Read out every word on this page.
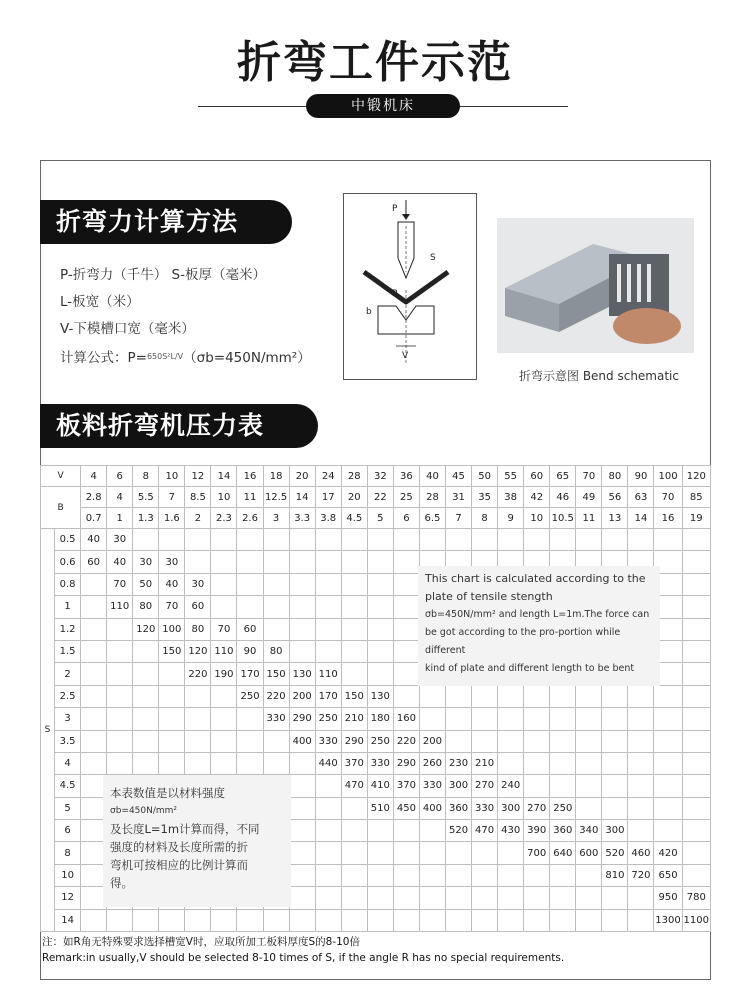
折弯工件示范
中锻机床
折弯力计算方法
P-折弯力（千牛） S-板厚（毫米）
L-板宽（米）
V-下模槽口宽（毫米）
计算公式：P=$^{650S^2L/V}$（σb=450N/mm²）
P
R
S
b
V
折弯示意图 Bend schematic
板料折弯机压力表
V		4	6	8	10	12	14	16	18	20	24	28	32	36	40	45	50	55	60	65	70	80	90	100	120
B		2.8	4	5.5	7	8.5	10	11	12.5	14	17	20	22	25	28	31	35	38	42	46	49	56	63	70	85
		0.7	1	1.3	1.6	2	2.3	2.6	3	3.3	3.8	4.5	5	6	6.5	7	8	9	10	10.5	11	13	14	16	19
S	0.5	40	30																						
	0.6	60	40	30	30																				
	0.8		70	50	40	30																			
	1		110	80	70	60																			
	1.2			120	100	80	70	60																	
	1.5				150	120	110	90	80																
	2					220	190	170	150	130	110														
	2.5							250	220	200	170	150	130												
	3								330	290	250	210	180	160											
	3.5									400	330	290	250	220	200										
	4										440	370	330	290	260	230	210								
	4.5											470	410	370	330	300	270	240							
	5												510	450	400	360	330	300	270	250					
	6															520	470	430	390	360	340	300			
	8																		700	640	600	520	460	420	
	10																					810	720	650	
	12																							950	780
	14																							1300	1100
This chart is calculated according to the
plate of tensile stength
σb=450N/mm² and length L=1m.The force can
be got according to the pro-portion while different
kind of plate and different length to be bent
本表数值是以材料强度
σb=450N/mm²
及长度L=1m计算而得，不同
强度的材料及长度所需的折
弯机可按相应的比例计算而
得。
注：如R角无特殊要求选择槽宽V时，应取所加工板料厚度S的8-10倍
Remark:in usually,V should be selected 8-10 times of S, if the angle R has no special requirements.
